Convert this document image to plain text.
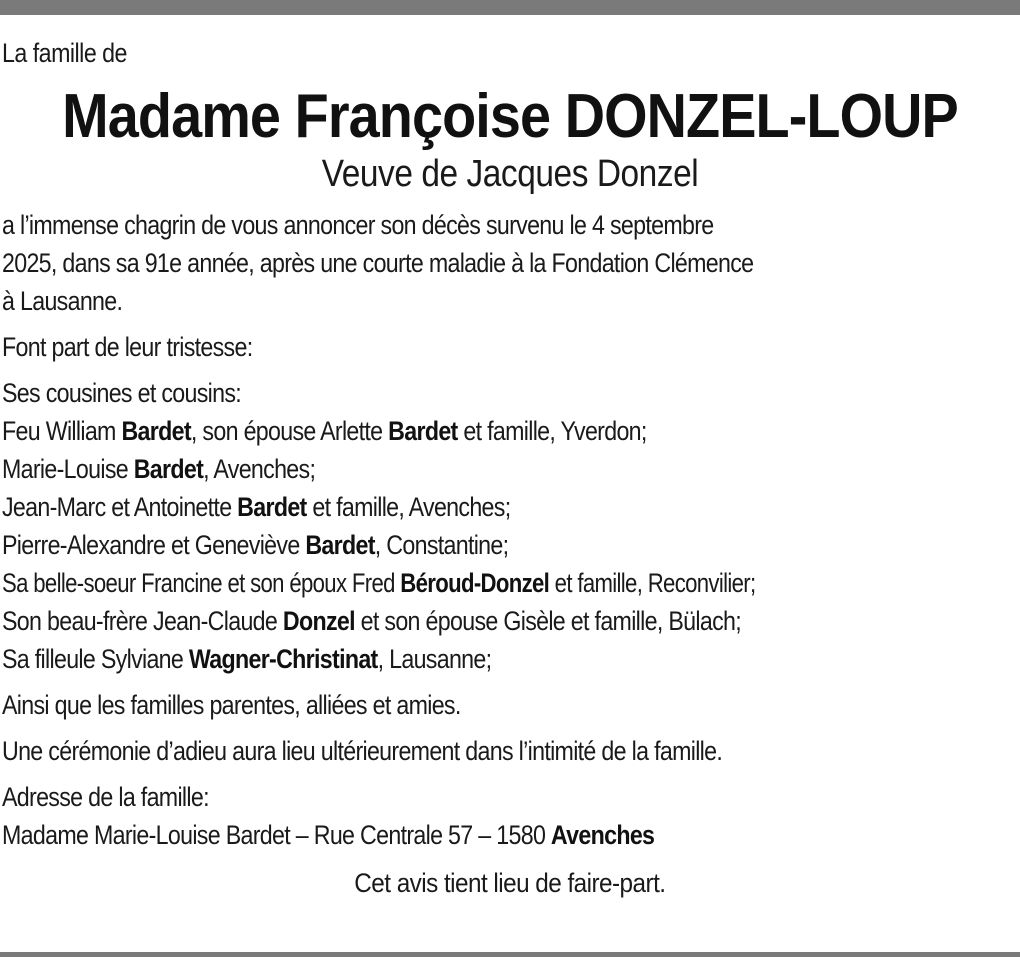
La famille de
Madame Françoise DONZEL-LOUP
Veuve de Jacques Donzel
a l’immense chagrin de vous annoncer son décès survenu le 4 septembre
2025, dans sa 91e année, après une courte maladie à la Fondation Clémence
à Lausanne.
Font part de leur tristesse:
Ses cousines et cousins:
Feu William Bardet, son épouse Arlette Bardet et famille, Yverdon;
Marie-Louise Bardet, Avenches;
Jean-Marc et Antoinette Bardet et famille, Avenches;
Pierre-Alexandre et Geneviève Bardet, Constantine;
Sa belle-soeur Francine et son époux Fred Béroud-Donzel et famille, Reconvilier;
Son beau-frère Jean-Claude Donzel et son épouse Gisèle et famille, Bülach;
Sa filleule Sylviane Wagner-Christinat, Lausanne;
Ainsi que les familles parentes, alliées et amies.
Une cérémonie d’adieu aura lieu ultérieurement dans l’intimité de la famille.
Adresse de la famille:
Madame Marie-Louise Bardet – Rue Centrale 57 – 1580 Avenches
Cet avis tient lieu de faire-part.
